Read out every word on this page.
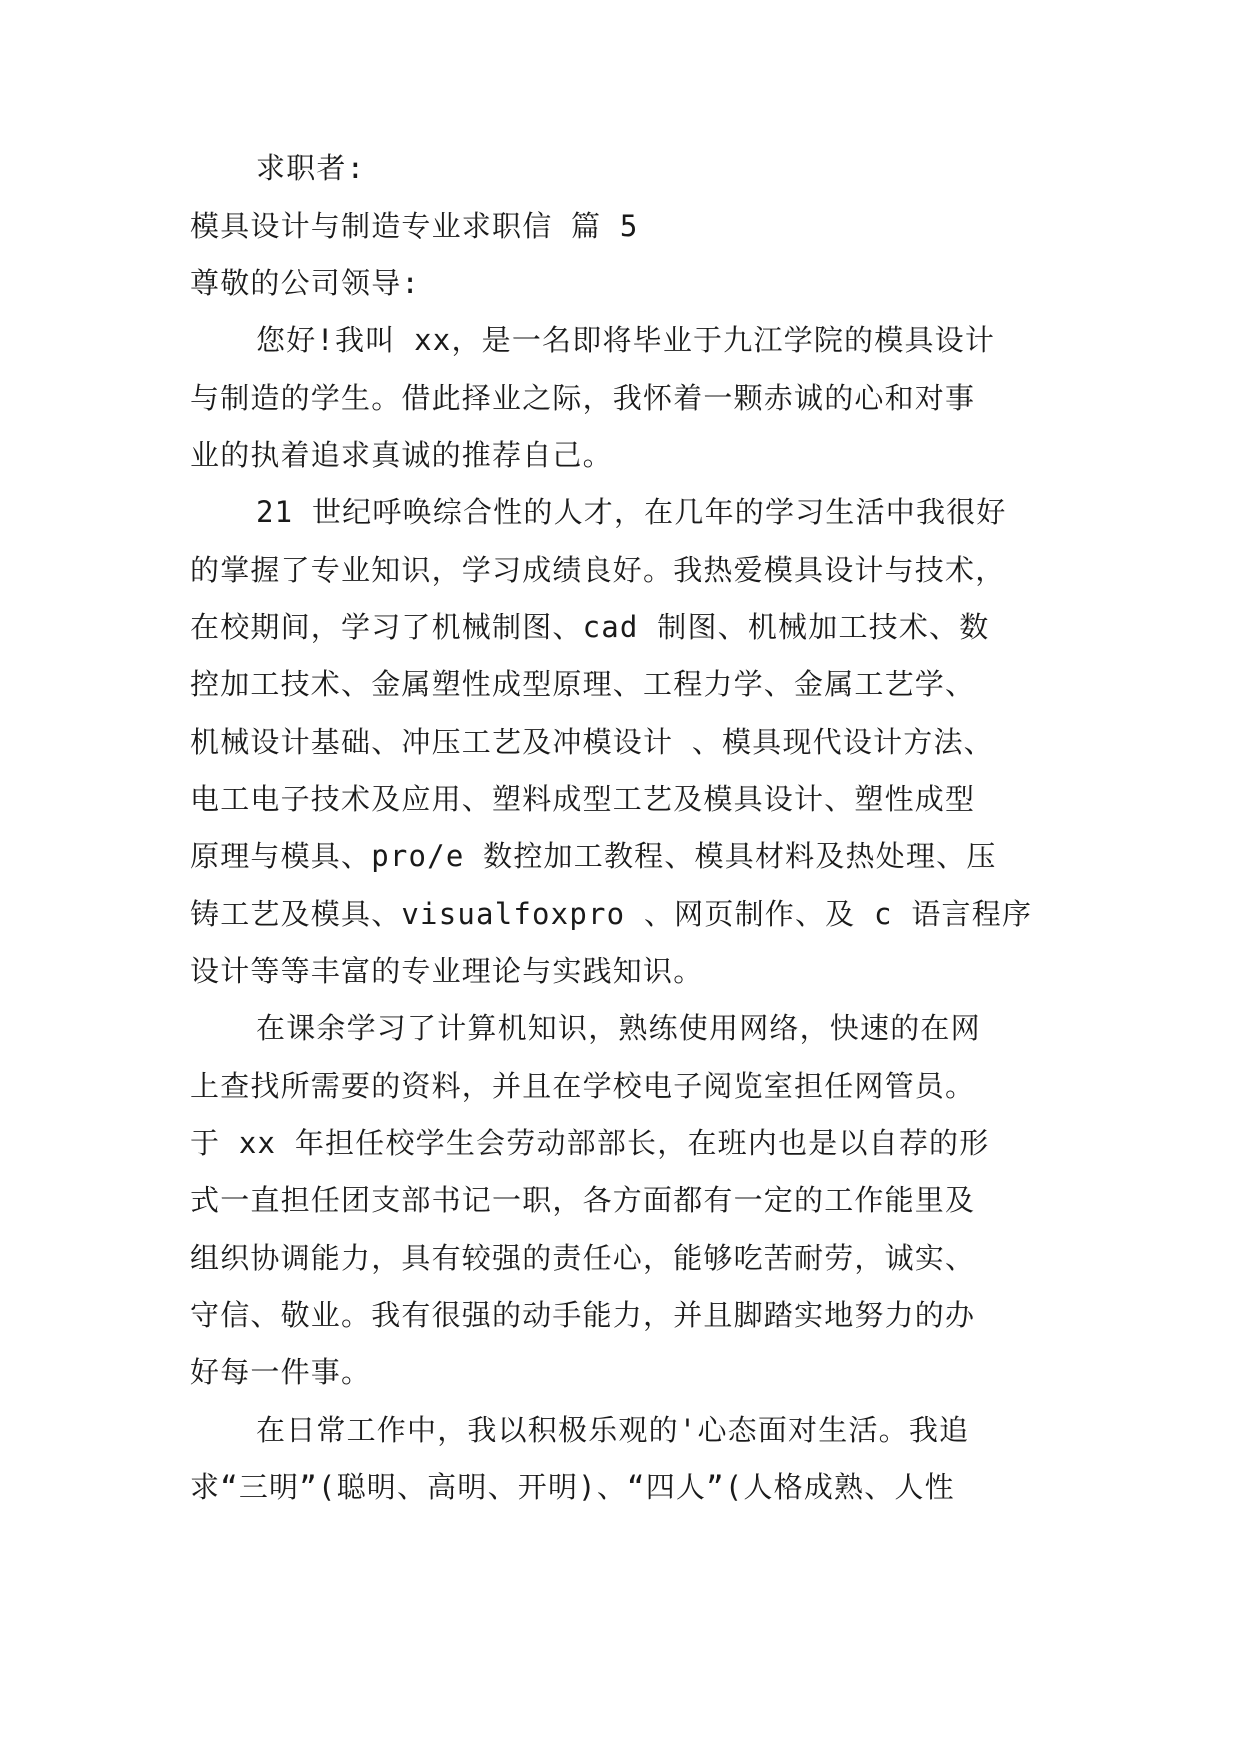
求职者:
模具设计与制造专业求职信 篇 5
尊敬的公司领导:
您好!我叫 xx，是一名即将毕业于九江学院的模具设计
与制造的学生。借此择业之际，我怀着一颗赤诚的心和对事
业的执着追求真诚的推荐自己。
21 世纪呼唤综合性的人才，在几年的学习生活中我很好
的掌握了专业知识，学习成绩良好。我热爱模具设计与技术，
在校期间，学习了机械制图、cad 制图、机械加工技术、数
控加工技术、金属塑性成型原理、工程力学、金属工艺学、
机械设计基础、冲压工艺及冲模设计 、模具现代设计方法、
电工电子技术及应用、塑料成型工艺及模具设计、塑性成型
原理与模具、pro/e 数控加工教程、模具材料及热处理、压
铸工艺及模具、visualfoxpro 、网页制作、及 c 语言程序
设计等等丰富的专业理论与实践知识。
在课余学习了计算机知识，熟练使用网络，快速的在网
上查找所需要的资料，并且在学校电子阅览室担任网管员。
于 xx 年担任校学生会劳动部部长，在班内也是以自荐的形
式一直担任团支部书记一职，各方面都有一定的工作能里及
组织协调能力，具有较强的责任心，能够吃苦耐劳，诚实、
守信、敬业。我有很强的动手能力，并且脚踏实地努力的办
好每一件事。
在日常工作中，我以积极乐观的'心态面对生活。我追
求“三明”(聪明、高明、开明)、“四人”(人格成熟、人性
